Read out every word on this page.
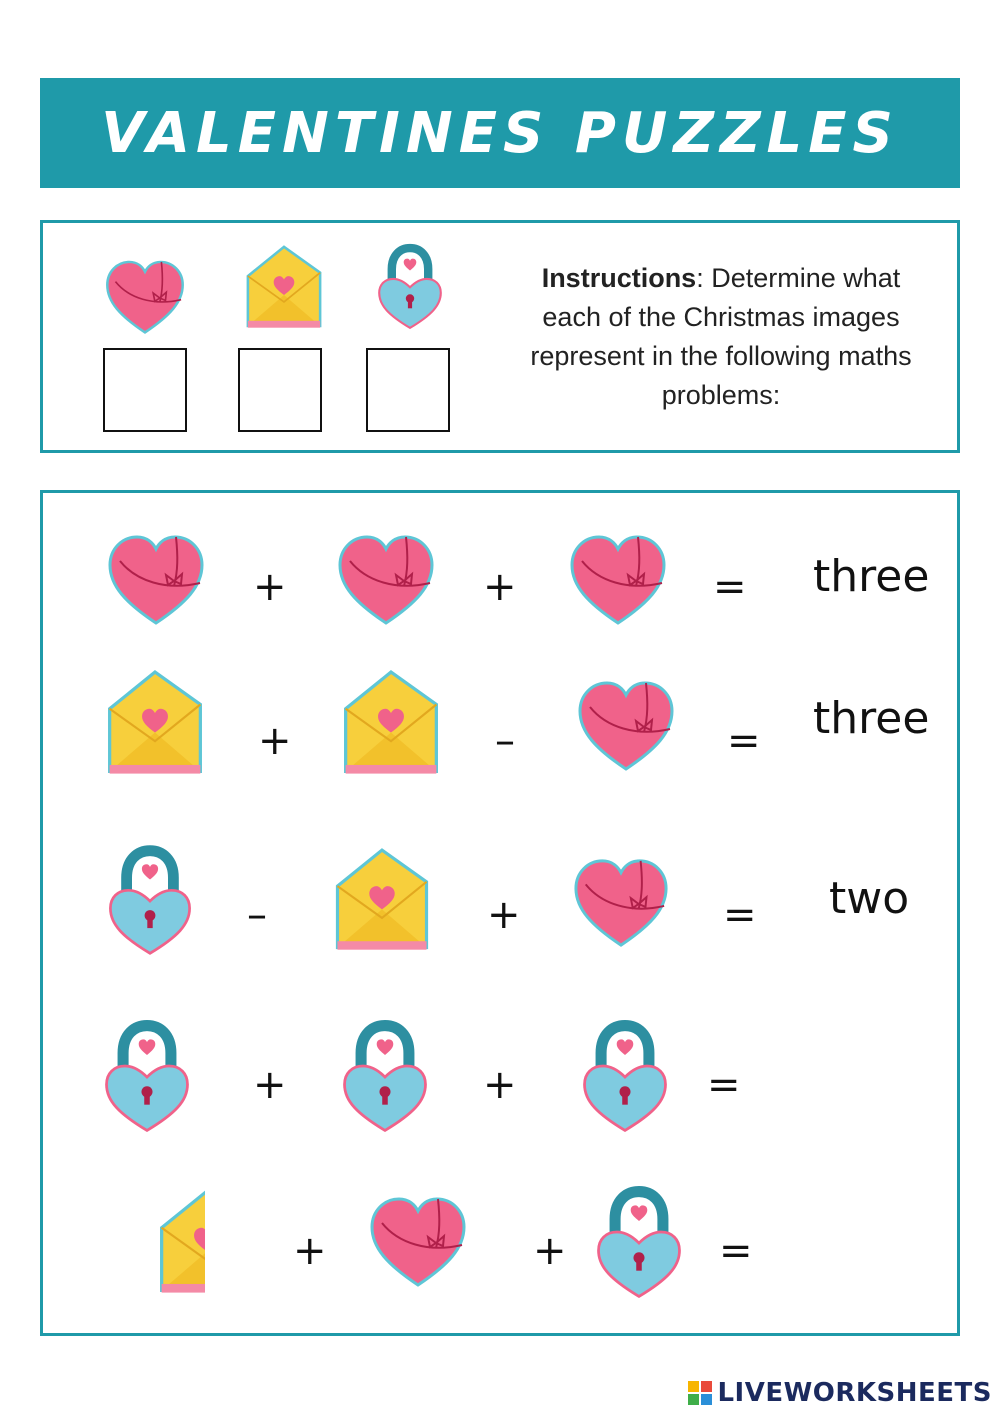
VALENTINES PUZZLES
Instructions: Determine what each of the Christmas images represent in the following maths problems:
+	+	= three
+	–	= three
–	+	= two
+	+	=
+	+	=
LIVEWORKSHEETS
